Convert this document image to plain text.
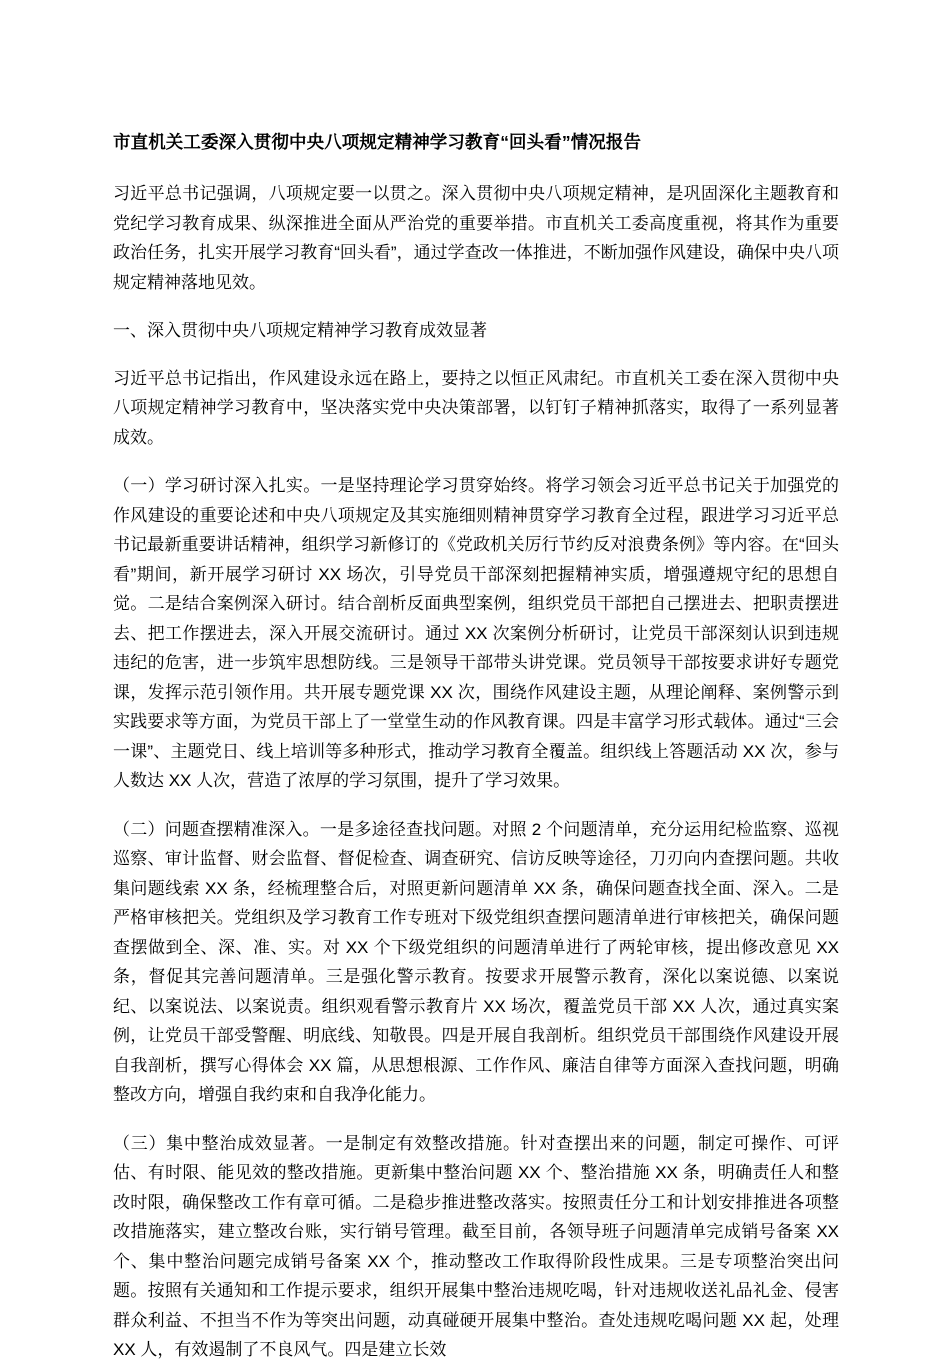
市直机关工委深入贯彻中央八项规定精神学习教育“回头看”情况报告

习近平总书记强调，八项规定要一以贯之。深入贯彻中央八项规定精神，是巩固深化主题教育和党纪学习教育成果、纵深推进全面从严治党的重要举措。市直机关工委高度重视，将其作为重要政治任务，扎实开展学习教育“回头看”，通过学查改一体推进，不断加强作风建设，确保中央八项规定精神落地见效。

一、深入贯彻中央八项规定精神学习教育成效显著

习近平总书记指出，作风建设永远在路上，要持之以恒正风肃纪。市直机关工委在深入贯彻中央八项规定精神学习教育中，坚决落实党中央决策部署，以钉钉子精神抓落实，取得了一系列显著成效。

（一）学习研讨深入扎实。一是坚持理论学习贯穿始终。将学习领会习近平总书记关于加强党的作风建设的重要论述和中央八项规定及其实施细则精神贯穿学习教育全过程，跟进学习习近平总书记最新重要讲话精神，组织学习新修订的《党政机关厉行节约反对浪费条例》等内容。在“回头看”期间，新开展学习研讨 XX 场次，引导党员干部深刻把握精神实质，增强遵规守纪的思想自觉。二是结合案例深入研讨。结合剖析反面典型案例，组织党员干部把自己摆进去、把职责摆进去、把工作摆进去，深入开展交流研讨。通过 XX 次案例分析研讨，让党员干部深刻认识到违规违纪的危害，进一步筑牢思想防线。三是领导干部带头讲党课。党员领导干部按要求讲好专题党课，发挥示范引领作用。共开展专题党课 XX 次，围绕作风建设主题，从理论阐释、案例警示到实践要求等方面，为党员干部上了一堂堂生动的作风教育课。四是丰富学习形式载体。通过“三会一课”、主题党日、线上培训等多种形式，推动学习教育全覆盖。组织线上答题活动 XX 次，参与人数达 XX 人次，营造了浓厚的学习氛围，提升了学习效果。

（二）问题查摆精准深入。一是多途径查找问题。对照 2 个问题清单，充分运用纪检监察、巡视巡察、审计监督、财会监督、督促检查、调查研究、信访反映等途径，刀刃向内查摆问题。共收集问题线索 XX 条，经梳理整合后，对照更新问题清单 XX 条，确保问题查找全面、深入。二是严格审核把关。党组织及学习教育工作专班对下级党组织查摆问题清单进行审核把关，确保问题查摆做到全、深、准、实。对 XX 个下级党组织的问题清单进行了两轮审核，提出修改意见 XX 条，督促其完善问题清单。三是强化警示教育。按要求开展警示教育，深化以案说德、以案说纪、以案说法、以案说责。组织观看警示教育片 XX 场次，覆盖党员干部 XX 人次，通过真实案例，让党员干部受警醒、明底线、知敬畏。四是开展自我剖析。组织党员干部围绕作风建设开展自我剖析，撰写心得体会 XX 篇，从思想根源、工作作风、廉洁自律等方面深入查找问题，明确整改方向，增强自我约束和自我净化能力。

（三）集中整治成效显著。一是制定有效整改措施。针对查摆出来的问题，制定可操作、可评估、有时限、能见效的整改措施。更新集中整治问题 XX 个、整治措施 XX 条，明确责任人和整改时限，确保整改工作有章可循。二是稳步推进整改落实。按照责任分工和计划安排推进各项整改措施落实，建立整改台账，实行销号管理。截至目前，各领导班子问题清单完成销号备案 XX 个、集中整治问题完成销号备案 XX 个，推动整改工作取得阶段性成果。三是专项整治突出问题。按照有关通知和工作提示要求，组织开展集中整治违规吃喝，针对违规收送礼品礼金、侵害群众利益、不担当不作为等突出问题，动真碰硬开展集中整治。查处违规吃喝问题 XX 起，处理 XX 人，有效遏制了不良风气。四是建立长效
